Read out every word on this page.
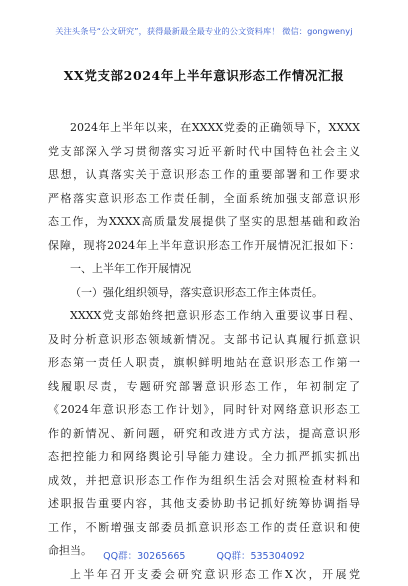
关注头条号“公文研究”，获得最新最全最专业的公文资料库！ 微信：gongwenyj
XX党支部2024年上半年意识形态工作情况汇报
2024年上半年以来，在XXXX党委的正确领导下，XXXX
党支部深入学习贯彻落实习近平新时代中国特色社会主义
思想，认真落实关于意识形态工作的重要部署和工作要求
严格落实意识形态工作责任制，全面系统加强支部意识形
态工作，为XXXX高质量发展提供了坚实的思想基础和政治
保障，现将2024年上半年意识形态工作开展情况汇报如下：
一、上半年工作开展情况
（一）强化组织领导，落实意识形态工作主体责任。
XXXX党支部始终把意识形态工作纳入重要议事日程、
及时分析意识形态领域新情况。支部书记认真履行抓意识
形态第一责任人职责，旗帜鲜明地站在意识形态工作第一
线履职尽责，专题研究部署意识形态工作，年初制定了
《2024年意识形态工作计划》，同时针对网络意识形态工
作的新情况、新问题，研究和改进方式方法，提高意识形
态把控能力和网络舆论引导能力建设。全力抓严抓实抓出
成效，并把意识形态工作作为组织生活会对照检查材料和
述职报告重要内容，其他支委协助书记抓好统筹协调指导
工作，不断增强支部委员抓意识形态工作的责任意识和使
命担当。
上半年召开支委会研究意识形态工作X次，开展党
QQ群：30265665	QQ群：535304092
